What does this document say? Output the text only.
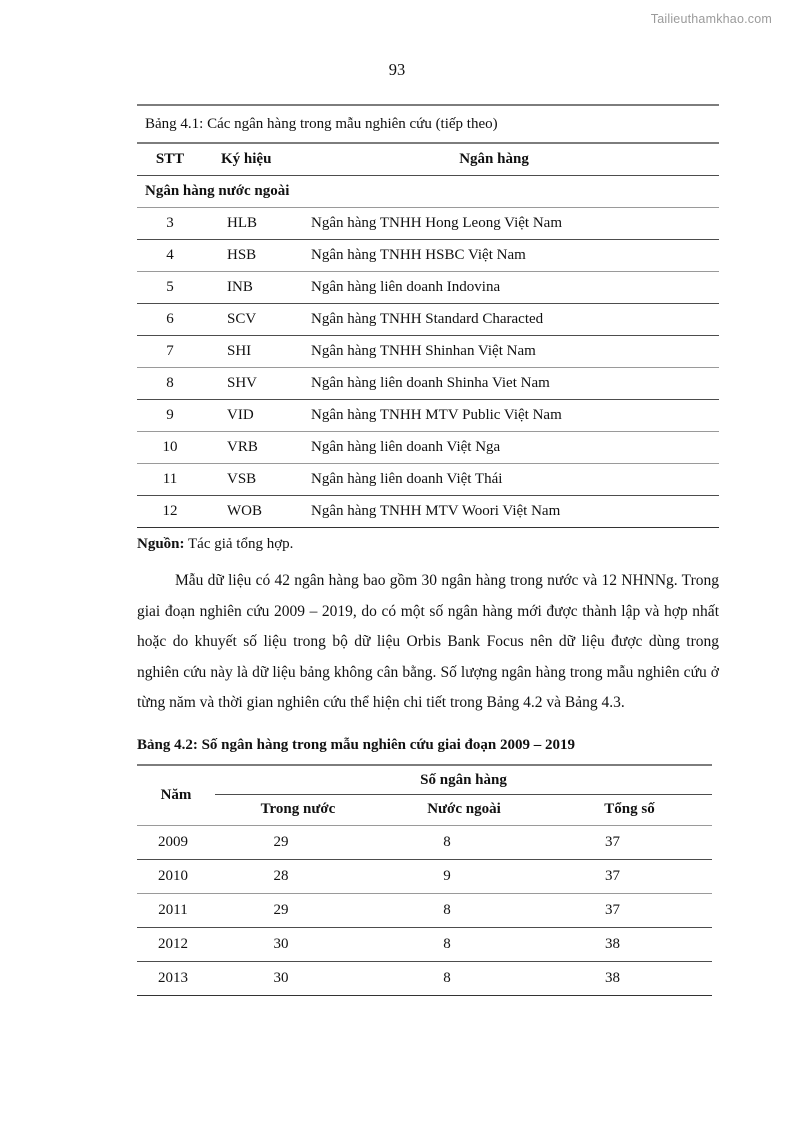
Tailieuthamkhao.com
93
Bảng 4.1: Các ngân hàng trong mẫu nghiên cứu (tiếp theo)		
STT	Ký hiệu	Ngân hàng
Ngân hàng nước ngoài		
3	HLB	Ngân hàng TNHH Hong Leong Việt Nam
4	HSB	Ngân hàng TNHH HSBC Việt Nam
5	INB	Ngân hàng liên doanh Indovina
6	SCV	Ngân hàng TNHH Standard Characted
7	SHI	Ngân hàng TNHH Shinhan Việt Nam
8	SHV	Ngân hàng liên doanh Shinha Viet Nam
9	VID	Ngân hàng TNHH MTV Public Việt Nam
10	VRB	Ngân hàng liên doanh Việt Nga
11	VSB	Ngân hàng liên doanh Việt Thái
12	WOB	Ngân hàng TNHH MTV Woori Việt Nam

Nguồn: Tác giả tổng hợp.

Mẫu dữ liệu có 42 ngân hàng bao gồm 30 ngân hàng trong nước và 12 NHNNg. Trong giai đoạn nghiên cứu 2009 – 2019, do có một số ngân hàng mới được thành lập và hợp nhất hoặc do khuyết số liệu trong bộ dữ liệu Orbis Bank Focus nên dữ liệu được dùng trong nghiên cứu này là dữ liệu bảng không cân bằng. Số lượng ngân hàng trong mẫu nghiên cứu ở từng năm và thời gian nghiên cứu thể hiện chi tiết trong Bảng 4.2 và Bảng 4.3.

Bảng 4.2: Số ngân hàng trong mẫu nghiên cứu giai đoạn 2009 – 2019
Năm	Số ngân hàng		
	Trong nước	Nước ngoài	Tổng số
2009	29	8	37
2010	28	9	37
2011	29	8	37
2012	30	8	38
2013	30	8	38
